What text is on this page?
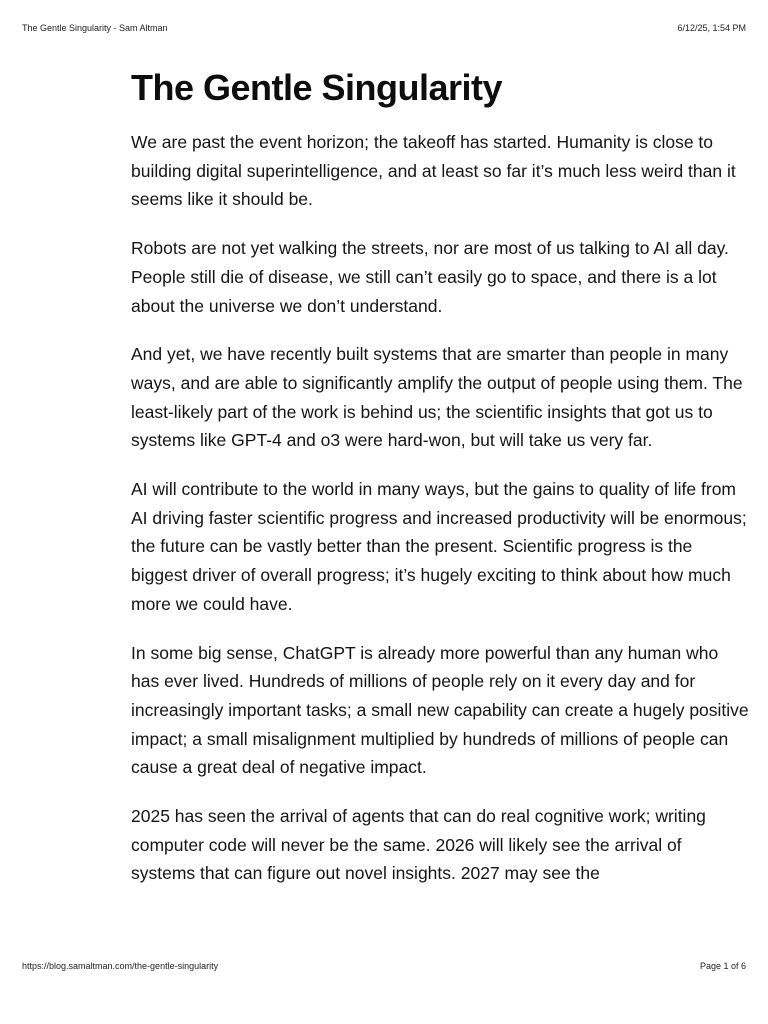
The Gentle Singularity - Sam Altman	6/12/25, 1:54 PM
The Gentle Singularity

We are past the event horizon; the takeoff has started. Humanity is close to building digital superintelligence, and at least so far it’s much less weird than it seems like it should be.

Robots are not yet walking the streets, nor are most of us talking to AI all day. People still die of disease, we still can’t easily go to space, and there is a lot about the universe we don’t understand.

And yet, we have recently built systems that are smarter than people in many ways, and are able to significantly amplify the output of people using them. The least-likely part of the work is behind us; the scientific insights that got us to systems like GPT-4 and o3 were hard-won, but will take us very far.

AI will contribute to the world in many ways, but the gains to quality of life from AI driving faster scientific progress and increased productivity will be enormous; the future can be vastly better than the present. Scientific progress is the biggest driver of overall progress; it’s hugely exciting to think about how much more we could have.

In some big sense, ChatGPT is already more powerful than any human who has ever lived. Hundreds of millions of people rely on it every day and for increasingly important tasks; a small new capability can create a hugely positive impact; a small misalignment multiplied by hundreds of millions of people can cause a great deal of negative impact.

2025 has seen the arrival of agents that can do real cognitive work; writing computer code will never be the same. 2026 will likely see the arrival of systems that can figure out novel insights. 2027 may see the

https://blog.samaltman.com/the-gentle-singularity	Page 1 of 6
